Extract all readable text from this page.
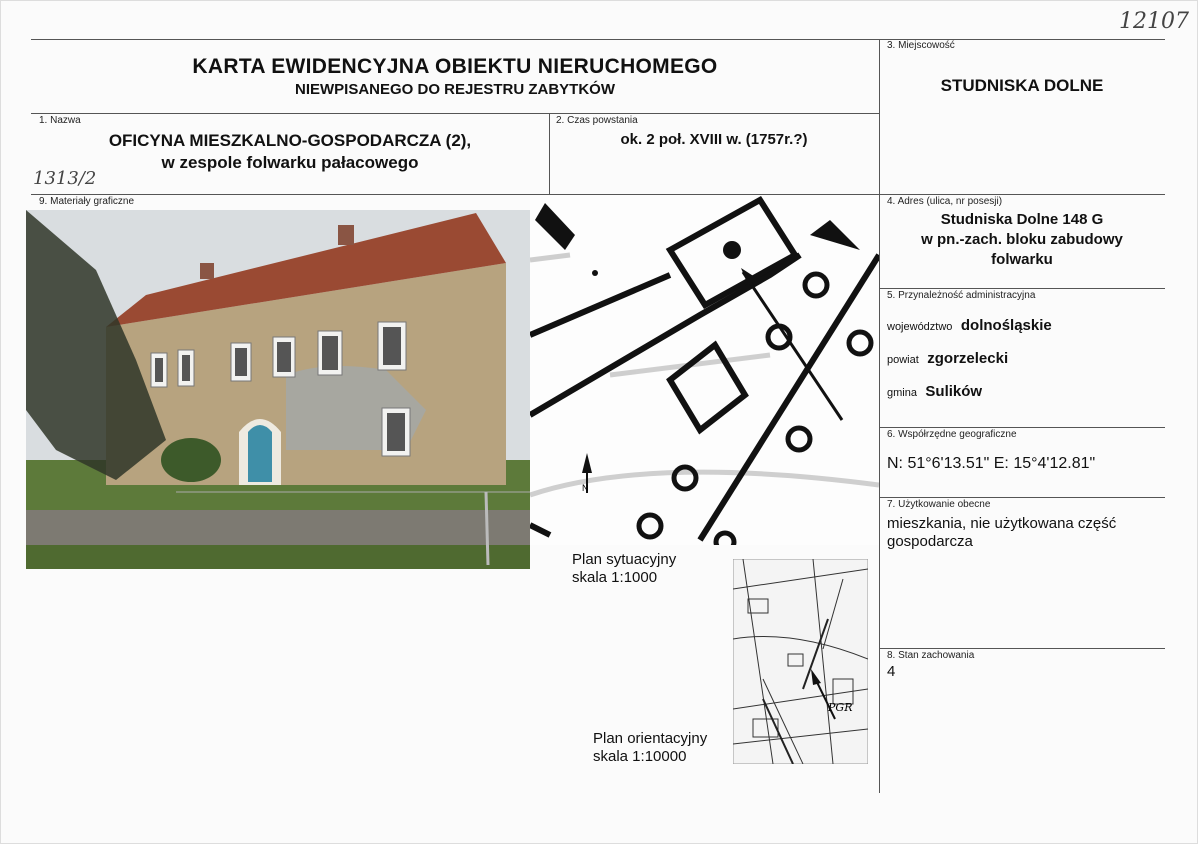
12107
1313/2
KARTA EWIDENCYJNA OBIEKTU NIERUCHOMEGO
NIEWPISANEGO DO REJESTRU ZABYTKÓW
3. Miejscowość
STUDNISKA DOLNE
1. Nazwa
OFICYNA MIESZKALNO-GOSPODARCZA (2),
w zespole folwarku pałacowego
2. Czas powstania
ok. 2 poł. XVIII w. (1757r.?)
9. Materiały graficzne
N
Plan sytuacyjny
skala 1:1000
Plan orientacyjny
skala 1:10000
PGR
4. Adres (ulica, nr posesji)
Studniska Dolne 148 G
w pn.-zach. bloku zabudowy
folwarku
5. Przynależność administracyjna
województwo dolnośląskie
powiat zgorzelecki
gmina Sulików
6. Współrzędne geograficzne
N: 51°6'13.51" E: 15°4'12.81"
7. Użytkowanie obecne
mieszkania, nie użytkowana część
gospodarcza
8. Stan zachowania
4
